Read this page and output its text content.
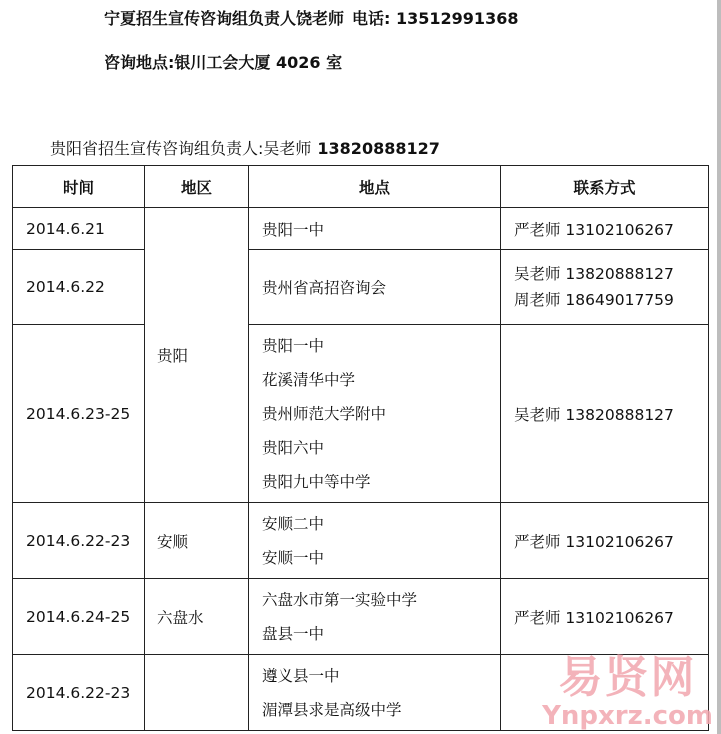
宁夏招生宣传咨询组负责人饶老师 电话: 13512991368
咨询地点:银川工会大厦 4026 室
贵阳省招生宣传咨询组负责人:吴老师 13820888127
时间	地区	地点	联系方式
2014.6.21	贵阳	贵阳一中	严老师 13102106267
2014.6.22		贵州省高招咨询会	吴老师 13820888127
周老师 18649017759

2014.6.23-25		贵阳一中
花溪清华中学
贵州师范大学附中
贵阳六中
贵阳九中等中学	吴老师 13820888127
2014.6.22-23	安顺	安顺二中
安顺一中	严老师 13102106267
2014.6.24-25	六盘水	六盘水市第一实验中学
盘县一中	严老师 13102106267
2014.6.22-23		遵义县一中
湄潭县求是高级中学	

易贤网
Ynpxrz.com
